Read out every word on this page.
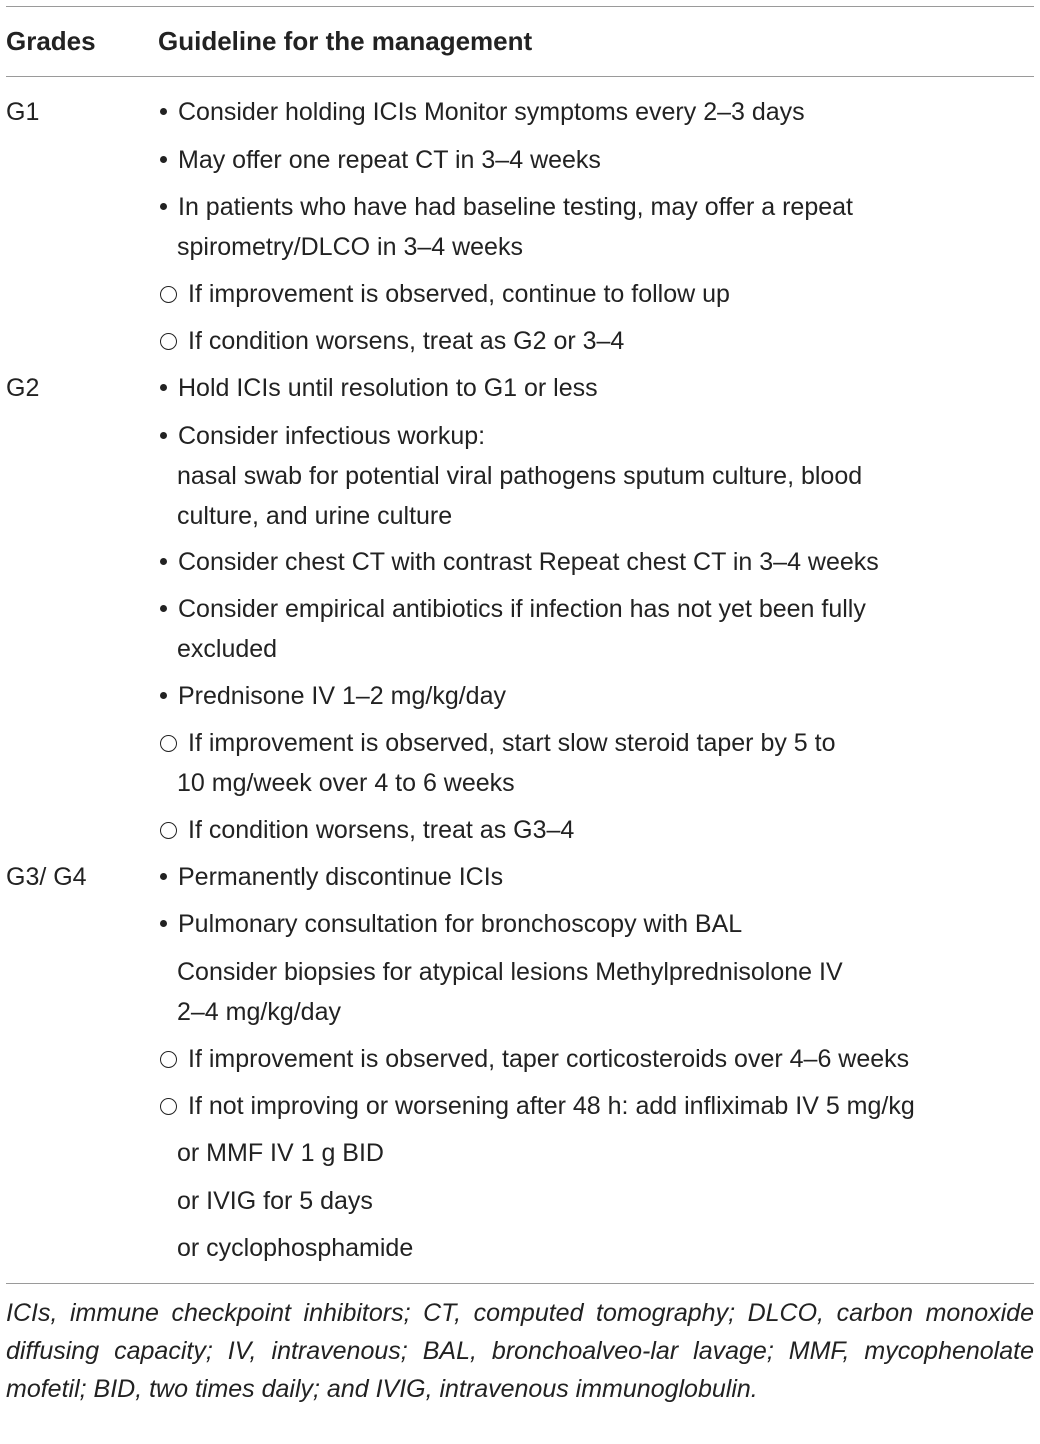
Grades Guideline for the management
G1	Consider holding ICIs Monitor symptoms every 2–3 days
May offer one repeat CT in 3–4 weeks
In patients who have had baseline testing, may offer a repeat
spirometry/DLCO in 3–4 weeks
If improvement is observed, continue to follow up
If condition worsens, treat as G2 or 3–4
G2	Hold ICIs until resolution to G1 or less
Consider infectious workup:
nasal swab for potential viral pathogens sputum culture, blood
culture, and urine culture
Consider chest CT with contrast Repeat chest CT in 3–4 weeks
Consider empirical antibiotics if infection has not yet been fully
excluded
Prednisone IV 1–2 mg/kg/day
If improvement is observed, start slow steroid taper by 5 to
10 mg/week over 4 to 6 weeks
If condition worsens, treat as G3–4
G3/ G4	Permanently discontinue ICIs
Pulmonary consultation for bronchoscopy with BAL
Consider biopsies for atypical lesions Methylprednisolone IV
2–4 mg/kg/day
If improvement is observed, taper corticosteroids over 4–6 weeks
If not improving or worsening after 48 h: add infliximab IV 5 mg/kg
or MMF IV 1 g BID
or IVIG for 5 days
or cyclophosphamide
ICIs, immune checkpoint inhibitors; CT, computed tomography; DLCO, carbon monoxide diffusing capacity; IV, intravenous; BAL, bronchoalveo-lar lavage; MMF, mycophenolate mofetil; BID, two times daily; and IVIG, intravenous immunoglobulin.
